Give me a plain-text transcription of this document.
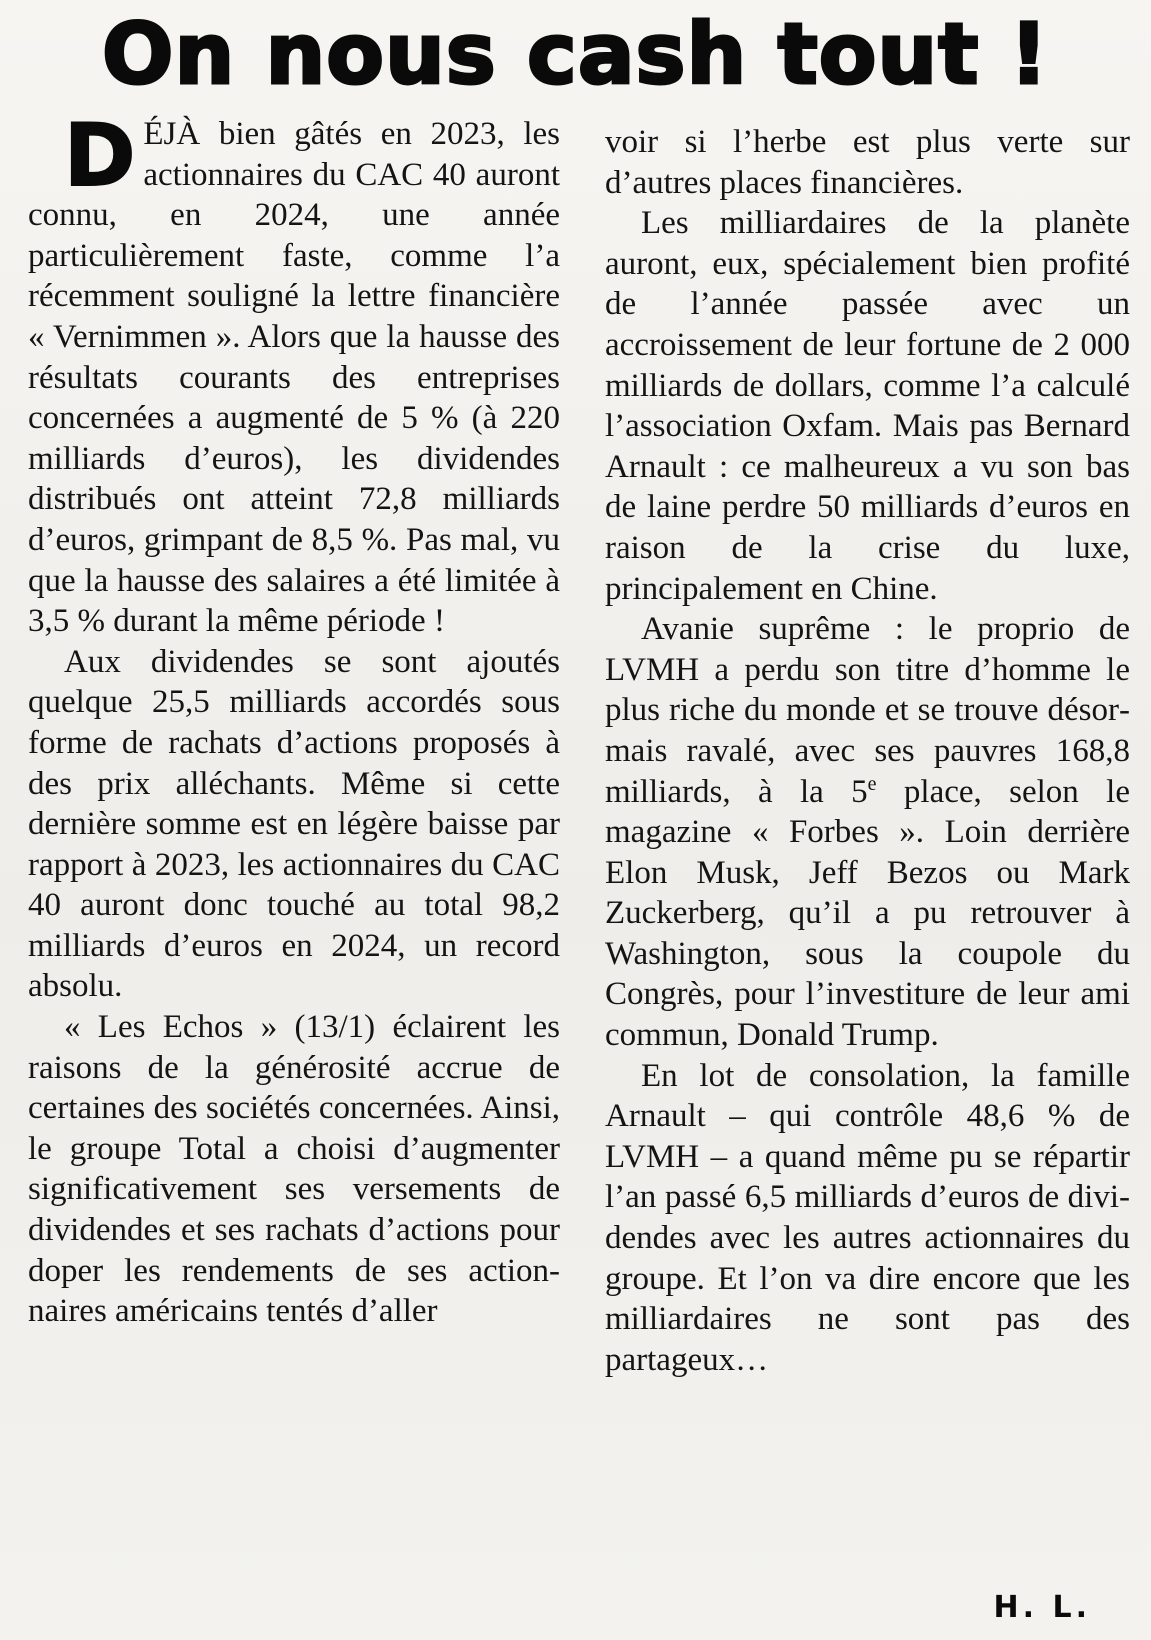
On nous cash tout !

DÉJÀ bien gâtés en 2023, les actionnaires du CAC 40 auront connu, en 2024, une année particulièrement faste, comme l’a récemment souligné la lettre financière « Vernimmen ». Alors que la hausse des résultats courants des entreprises concernées a augmenté de 5 % (à 220 milliards d’euros), les dividendes distribués ont atteint 72,8 milliards d’euros, grimpant de 8,5 %. Pas mal, vu que la hausse des salaires a été limitée à 3,5 % durant la même période !

Aux dividendes se sont ajoutés quelque 25,5 milliards accordés sous forme de rachats d’actions proposés à des prix alléchants. Même si cette dernière somme est en légère baisse par rapport à 2023, les actionnaires du CAC 40 auront donc touché au total 98,2 milliards d’euros en 2024, un record absolu.

« Les Echos » (13/1) éclairent les raisons de la générosité accrue de certaines des sociétés concernées. Ainsi, le groupe Total a choisi d’augmenter significativement ses versements de dividendes et ses rachats d’actions pour doper les rendements de ses actionnaires américains tentés d’aller

voir si l’herbe est plus verte sur d’autres places financières.

Les milliardaires de la planète auront, eux, spécialement bien profité de l’année passée avec un accroissement de leur fortune de 2 000 milliards de dollars, comme l’a calculé l’association Oxfam. Mais pas Bernard Arnault : ce malheureux a vu son bas de laine perdre 50 milliards d’euros en raison de la crise du luxe, principalement en Chine.

Avanie suprême : le proprio de LVMH a perdu son titre d’homme le plus riche du monde et se trouve désormais ravalé, avec ses pauvres 168,8 milliards, à la 5e place, selon le magazine « Forbes ». Loin derrière Elon Musk, Jeff Bezos ou Mark Zuckerberg, qu’il a pu retrouver à Washington, sous la coupole du Congrès, pour l’investiture de leur ami commun, Donald Trump.

En lot de consolation, la famille Arnault – qui contrôle 48,6 % de LVMH – a quand même pu se répartir l’an passé 6,5 milliards d’euros de dividendes avec les autres actionnaires du groupe. Et l’on va dire encore que les milliardaires ne sont pas des partageux…

H. L.
